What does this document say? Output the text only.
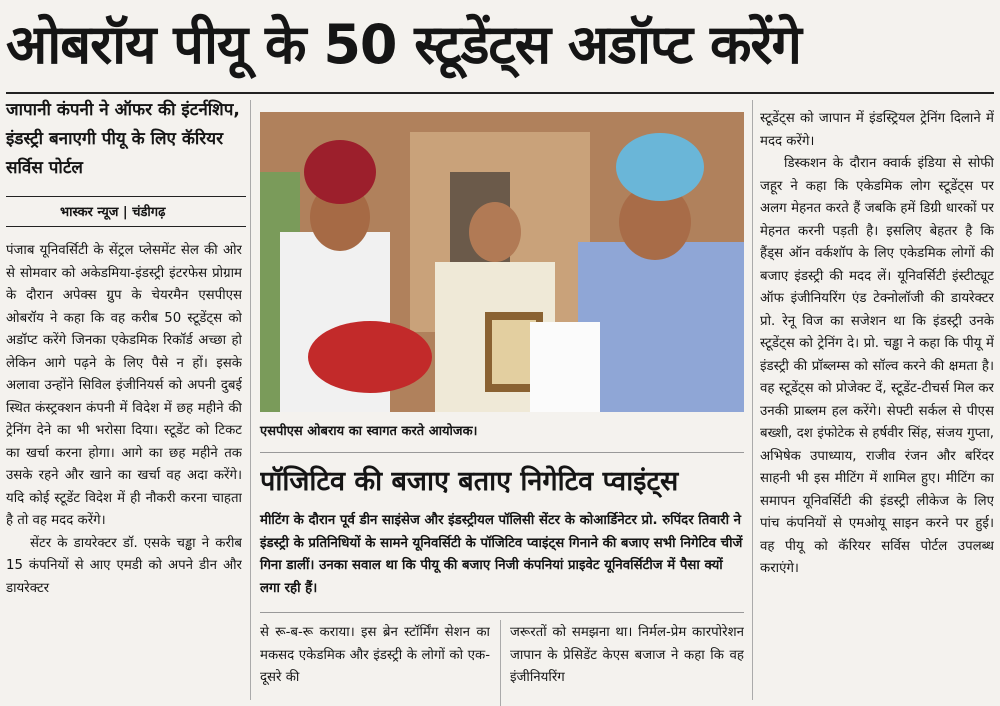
ओबरॉय पीयू के 50 स्टूडेंट्स अडॉप्ट करेंगे
जापानी कंपनी ने ऑफर की इंटर्नशिप, इंडस्ट्री बनाएगी पीयू के लिए कॅरियर सर्विस पोर्टल
भास्कर न्यूज | चंडीगढ़

पंजाब यूनिवर्सिटी के सेंट्रल प्लेसमेंट सेल की ओर से सोमवार को अकेडमिया-इंडस्ट्री इंटरफेस प्रोग्राम के दौरान अपेक्स ग्रुप के चेयरमैन एसपीएस ओबरॉय ने कहा कि वह करीब 50 स्टूडेंट्स को अडॉप्ट करेंगे जिनका एकेडमिक रिकॉर्ड अच्छा हो लेकिन आगे पढ़ने के लिए पैसे न हों। इसके अलावा उन्होंने सिविल इंजीनियर्स को अपनी दुबई स्थित कंस्ट्रक्शन कंपनी में विदेश में छह महीने की ट्रेनिंग देने का भी भरोसा दिया। स्टूडेंट को टिकट का खर्चा करना होगा। आगे का छह महीने तक उसके रहने और खाने का खर्चा वह अदा करेंगे। यदि कोई स्टूडेंट विदेश में ही नौकरी करना चाहता है तो वह मदद करेंगे।

सेंटर के डायरेक्टर डॉ. एसके चड्ढा ने करीब 15 कंपनियों से आए एमडी को अपने डीन और डायरेक्टर

एसपीएस ओबराय का स्वागत करते आयोजक।
पॉजिटिव की बजाए बताए निगेटिव प्वाइंट्स
मीटिंग के दौरान पूर्व डीन साइंसेज और इंडस्ट्रीयल पॉलिसी सेंटर के कोआर्डिनेटर प्रो. रुपिंदर तिवारी ने इंडस्ट्री के प्रतिनिधियों के सामने यूनिवर्सिटी के पॉजिटिव प्वाइंट्स गिनाने की बजाए सभी निगेटिव चीजें गिना डालीं। उनका सवाल था कि पीयू की बजाए निजी कंपनियां प्राइवेट यूनिवर्सिटीज में पैसा क्यों लगा रही हैं।

से रू-ब-रू कराया। इस ब्रेन स्टॉर्मिंग सेशन का मकसद एकेडमिक और इंडस्ट्री के लोगों को एक-दूसरे की

जरूरतों को समझना था। निर्मल-प्रेम कारपोरेशन जापान के प्रेसिडेंट केएस बजाज ने कहा कि वह इंजीनियरिंग

स्टूडेंट्स को जापान में इंडस्ट्रियल ट्रेनिंग दिलाने में मदद करेंगे।

डिस्कशन के दौरान क्वार्क इंडिया से सोफी जहूर ने कहा कि एकेडमिक लोग स्टूडेंट्स पर अलग मेहनत करते हैं जबकि हमें डिग्री धारकों पर मेहनत करनी पड़ती है। इसलिए बेहतर है कि हैंड्स ऑन वर्कशॉप के लिए एकेडमिक लोगों की बजाए इंडस्ट्री की मदद लें। यूनिवर्सिटी इंस्टीट्यूट ऑफ इंजीनियरिंग एंड टेक्नोलॉजी की डायरेक्टर प्रो. रेनू विज का सजेशन था कि इंडस्ट्री उनके स्टूडेंट्स को ट्रेनिंग दे। प्रो. चड्ढा ने कहा कि पीयू में इंडस्ट्री की प्रॉब्लम्स को सॉल्व करने की क्षमता है। वह स्टूडेंट्स को प्रोजेक्ट दें, स्टूडेंट-टीचर्स मिल कर उनकी प्राब्लम हल करेंगे। सेफ्टी सर्कल से पीएस बख्शी, दश इंफोटेक से हर्षवीर सिंह, संजय गुप्ता, अभिषेक उपाध्याय, राजीव रंजन और बरिंदर साहनी भी इस मीटिंग में शामिल हुए। मीटिंग का समापन यूनिवर्सिटी की इंडस्ट्री लीकेज के लिए पांच कंपनियों से एमओयू साइन करने पर हुई। वह पीयू को कॅरियर सर्विस पोर्टल उपलब्ध कराएंगे।
